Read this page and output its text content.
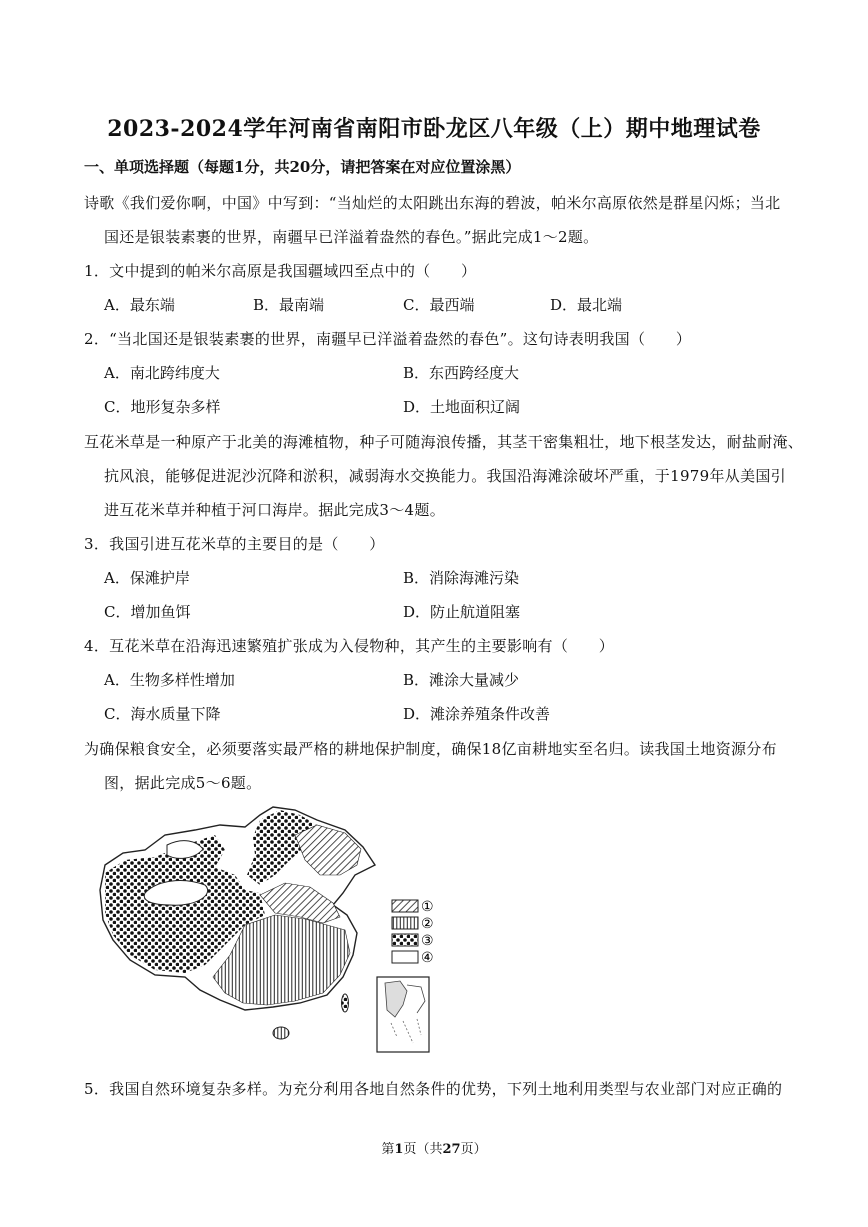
2023-2024学年河南省南阳市卧龙区八年级（上）期中地理试卷
一、单项选择题（每题1分，共20分，请把答案在对应位置涂黑）
诗歌《我们爱你啊，中国》中写到：“当灿烂的太阳跳出东海的碧波，帕米尔高原依然是群星闪烁；当北
国还是银装素裹的世界，南疆早已洋溢着盎然的春色。”据此完成1～2题。
1．文中提到的帕米尔高原是我国疆域四至点中的（　　）
A．最东端	B．最南端	C．最西端	D．最北端
2．“当北国还是银装素裹的世界，南疆早已洋溢着盎然的春色”。这句诗表明我国（　　）
A．南北跨纬度大	B．东西跨经度大
C．地形复杂多样	D．土地面积辽阔
互花米草是一种原产于北美的海滩植物，种子可随海浪传播，其茎干密集粗壮，地下根茎发达，耐盐耐淹、
抗风浪，能够促进泥沙沉降和淤积，减弱海水交换能力。我国沿海滩涂破坏严重，于1979年从美国引
进互花米草并种植于河口海岸。据此完成3～4题。
3．我国引进互花米草的主要目的是（　　）
A．保滩护岸	B．消除海滩污染
C．增加鱼饵	D．防止航道阻塞
4．互花米草在沿海迅速繁殖扩张成为入侵物种，其产生的主要影响有（　　）
A．生物多样性增加	B．滩涂大量减少
C．海水质量下降	D．滩涂养殖条件改善
为确保粮食安全，必须要落实最严格的耕地保护制度，确保18亿亩耕地实至名归。读我国土地资源分布
图，据此完成5～6题。
①
②
③
④
5．我国自然环境复杂多样。为充分利用各地自然条件的优势，下列土地利用类型与农业部门对应正确的
第1页（共27页）
